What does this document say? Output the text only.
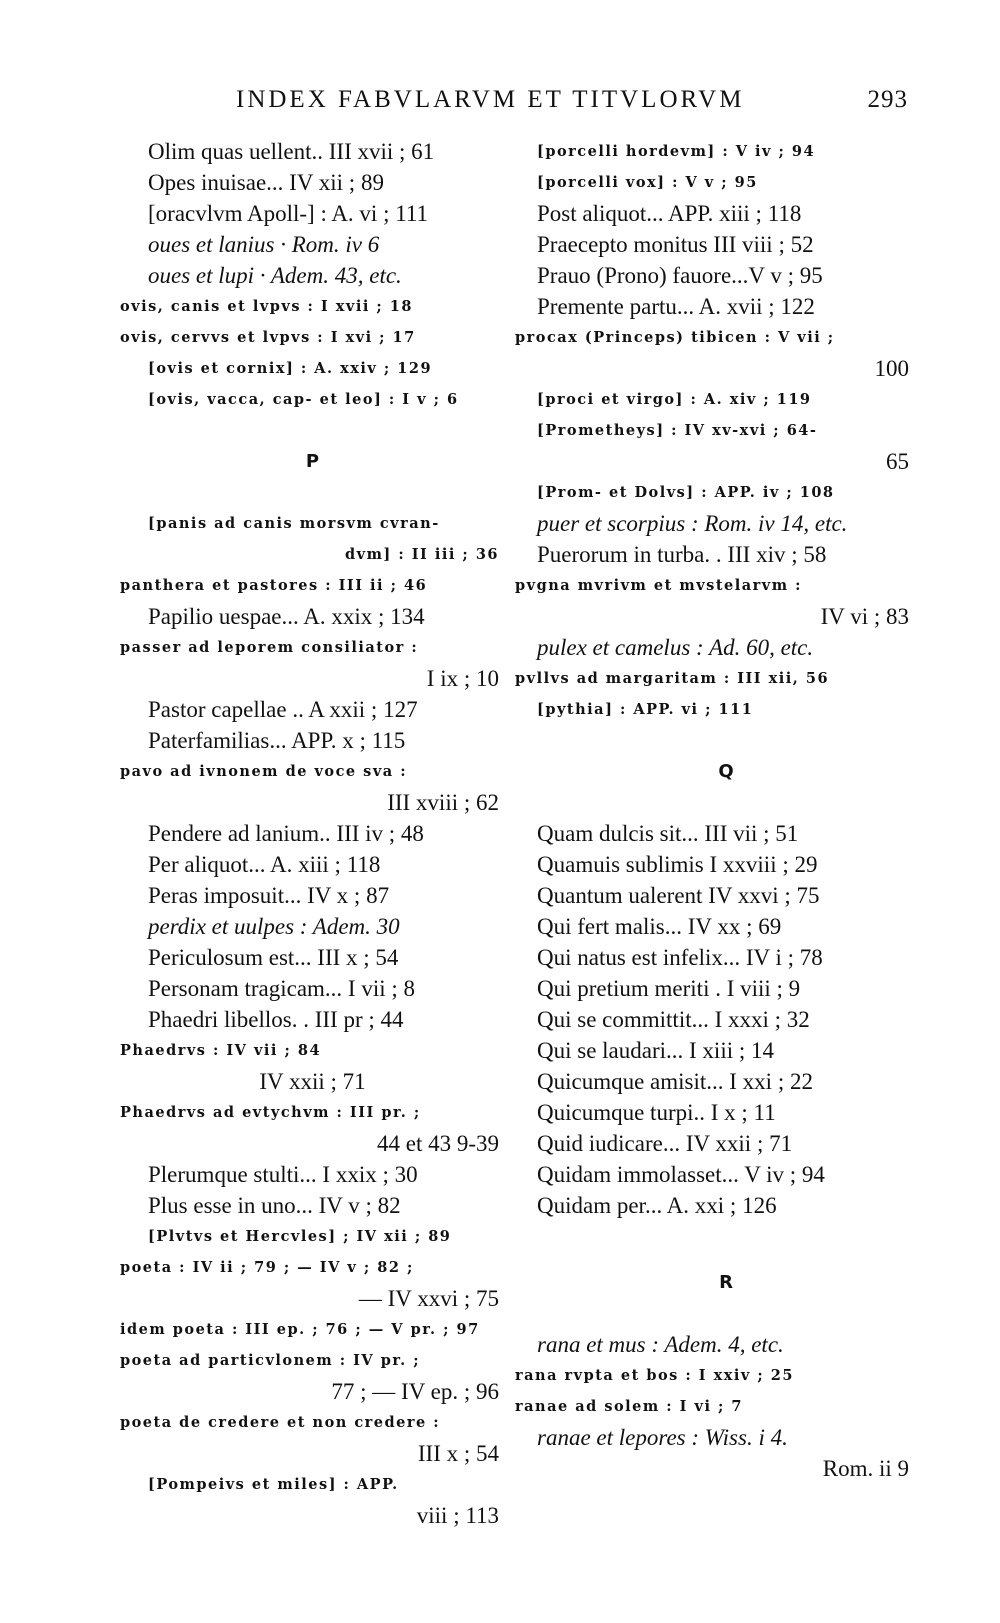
INDEX FABVLARVM ET TITVLORVM	293
Olim quas uellent.. III xvii ; 61
Opes inuisae... IV xii ; 89
[oracvlvm Apoll-] : A. vi ; 111
oues et lanius · Rom. iv 6
oues et lupi · Adem. 43, etc.
ovis, canis et lvpvs : I xvii ; 18
ovis, cervvs et lvpvs : I xvi ; 17
[ovis et cornix] : A. xxiv ; 129
[ovis, vacca, cap- et leo] : I v ; 6
P
[panis ad canis morsvm cvran-
dvm] : II iii ; 36
panthera et pastores : III ii ; 46
Papilio uespae... A. xxix ; 134
passer ad leporem consiliator :
I ix ; 10
Pastor capellae .. A xxii ; 127
Paterfamilias... APP. x ; 115
pavo ad ivnonem de voce sva :
III xviii ; 62
Pendere ad lanium.. III iv ; 48
Per aliquot... A. xiii ; 118
Peras imposuit... IV x ; 87
perdix et uulpes : Adem. 30
Periculosum est... III x ; 54
Personam tragicam... I vii ; 8
Phaedri libellos. . III pr ; 44
Phaedrvs : IV vii ; 84
IV xxii ; 71
Phaedrvs ad evtychvm : III pr. ;
44 et 43 9-39
Plerumque stulti... I xxix ; 30
Plus esse in uno... IV v ; 82
[Plvtvs et Hercvles] ; IV xii ; 89
poeta : IV ii ; 79 ; — IV v ; 82 ;
— IV xxvi ; 75
idem poeta : III ep. ; 76 ; — V pr. ; 97
poeta ad particvlonem : IV pr. ;
77 ; — IV ep. ; 96
poeta de credere et non credere :
III x ; 54
[Pompeivs et miles] : APP.
viii ; 113
[porcelli hordevm] : V iv ; 94
[porcelli vox] : V v ; 95
Post aliquot... APP. xiii ; 118
Praecepto monitus III viii ; 52
Prauo (Prono) fauore...V v ; 95
Premente partu... A. xvii ; 122
procax (Princeps) tibicen : V vii ;
100
[proci et virgo] : A. xiv ; 119
[Prometheys] : IV xv-xvi ; 64-
65
[Prom- et Dolvs] : APP. iv ; 108
puer et scorpius : Rom. iv 14, etc.
Puerorum in turba. . III xiv ; 58
pvgna mvrivm et mvstelarvm :
IV vi ; 83
pulex et camelus : Ad. 60, etc.
pvllvs ad margaritam : III xii, 56
[pythia] : APP. vi ; 111
Q
Quam dulcis sit... III vii ; 51
Quamuis sublimis I xxviii ; 29
Quantum ualerent IV xxvi ; 75
Qui fert malis... IV xx ; 69
Qui natus est infelix... IV i ; 78
Qui pretium meriti . I viii ; 9
Qui se committit... I xxxi ; 32
Qui se laudari... I xiii ; 14
Quicumque amisit... I xxi ; 22
Quicumque turpi.. I x ; 11
Quid iudicare... IV xxii ; 71
Quidam immolasset... V iv ; 94
Quidam per... A. xxi ; 126
R
rana et mus : Adem. 4, etc.
rana rvpta et bos : I xxiv ; 25
ranae ad solem : I vi ; 7
ranae et lepores : Wiss. i 4.
Rom. ii 9
